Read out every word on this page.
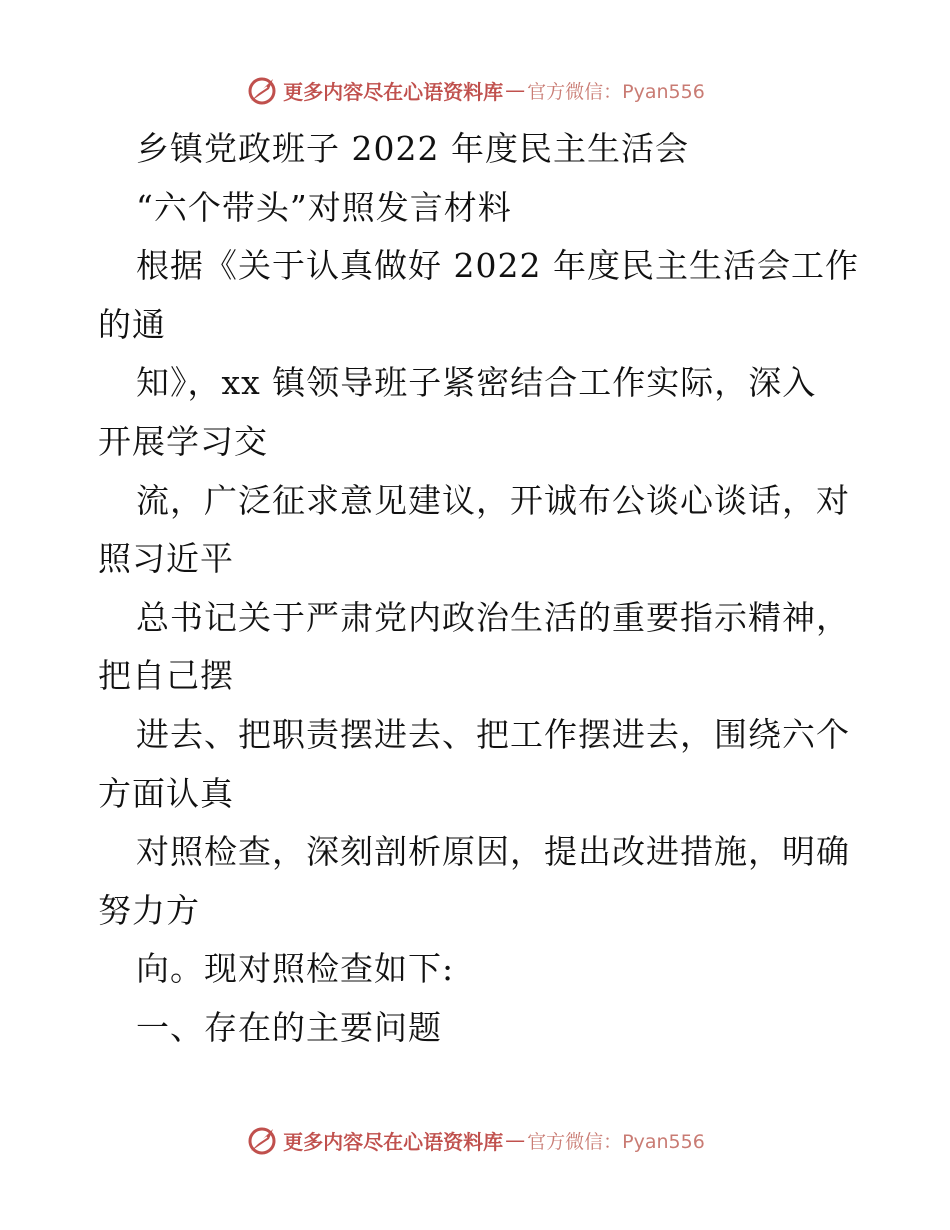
更多内容尽在心语资料库 — 官方微信：Pyan556
乡镇党政班子 2022 年度民主生活会
“六个带头”对照发言材料
根据《关于认真做好 2022 年度民主生活会工作
的通
知》，xx 镇领导班子紧密结合工作实际，深入
开展学习交
流，广泛征求意见建议，开诚布公谈心谈话，对
照习近平
总书记关于严肃党内政治生活的重要指示精神，
把自己摆
进去、把职责摆进去、把工作摆进去，围绕六个
方面认真
对照检查，深刻剖析原因，提出改进措施，明确
努力方
向。现对照检查如下:
一、存在的主要问题
更多内容尽在心语资料库 — 官方微信：Pyan556
